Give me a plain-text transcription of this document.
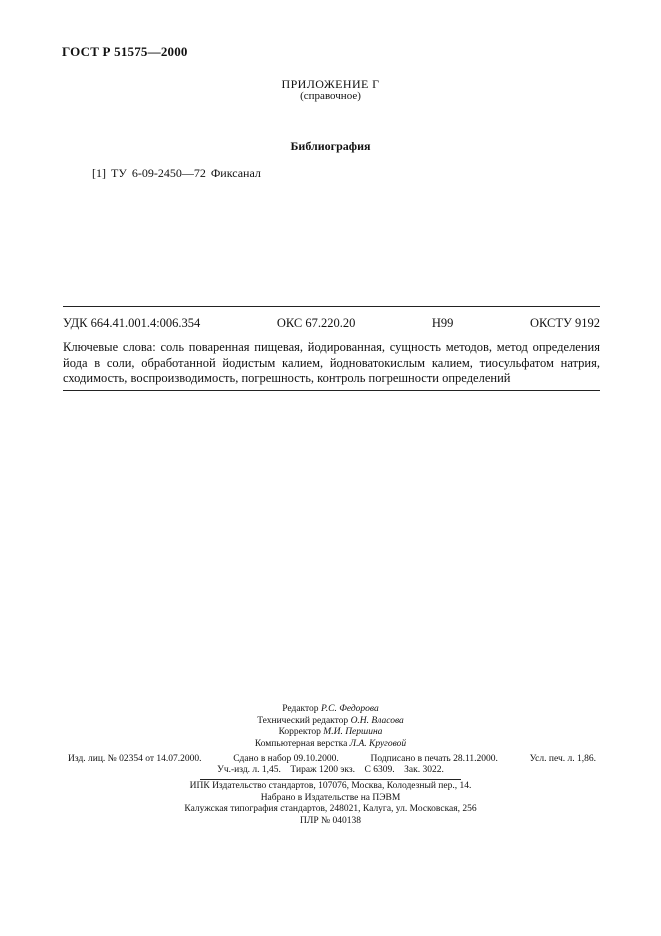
ГОСТ Р 51575—2000
ПРИЛОЖЕНИЕ Г
(справочное)
Библиография
[1] ТУ 6-09-2450—72 Фиксанал
УДК 664.41.001.4:006.354	ОКС 67.220.20	Н99	ОКСТУ 9192
Ключевые слова: соль поваренная пищевая, йодированная, сущность методов, метод определения йода в соли, обработанной йодистым калием, йодноватокислым калием, тиосульфатом натрия, сходимость, воспроизводимость, погрешность, контроль погрешности определений
Редактор Р.С. Федорова
Технический редактор О.Н. Власова
Корректор М.И. Першина
Компьютерная верстка Л.А. Круговой
Изд. лиц. № 02354 от 14.07.2000.	Сдано в набор 09.10.2000.	Подписано в печать 28.11.2000.	Усл. печ. л. 1,86.
Уч.-изд. л. 1,45.    Тираж 1200 экз.    С 6309.    Зак. 3022.
ИПК Издательство стандартов, 107076, Москва, Колодезный пер., 14.
Набрано в Издательстве на ПЭВМ
Калужская типография стандартов, 248021, Калуга, ул. Московская, 256
ПЛР № 040138
